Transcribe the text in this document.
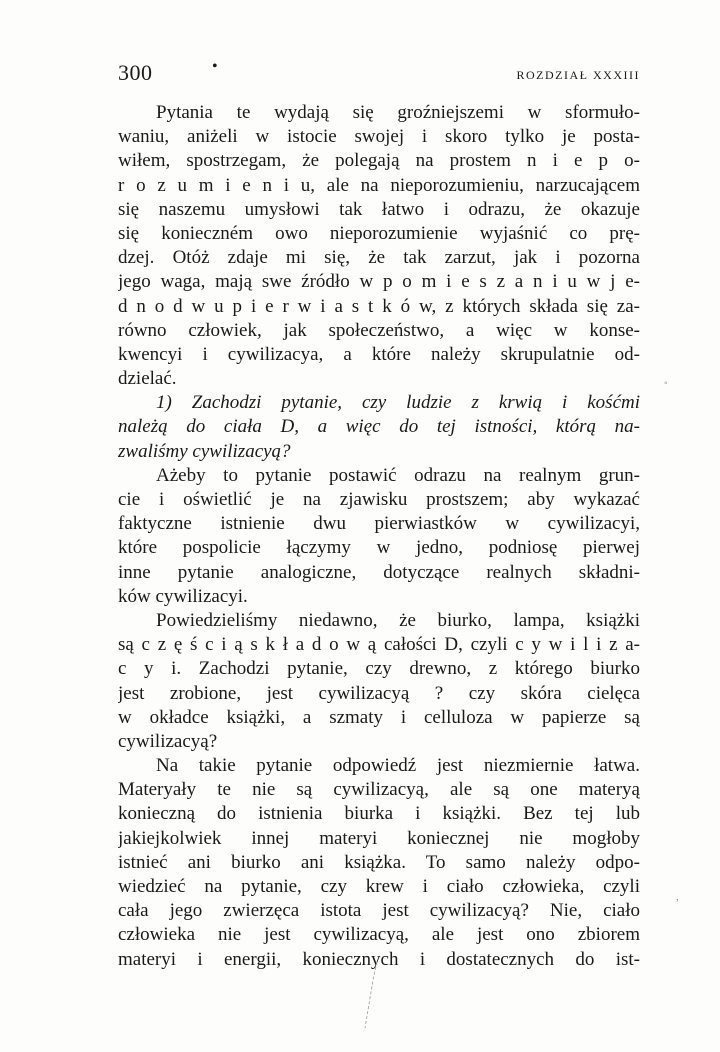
300	•	ROZDZIAŁ XXXIII
Pytania te wydają się groźniejszemi w sformuło-
waniu, aniżeli w istocie swojej i skoro tylko je posta-
wiłem, spostrzegam, że polegają na prostem n i e p o-
r o z u m i e n i u, ale na nieporozumieniu, narzucającem
się naszemu umysłowi tak łatwo i odrazu, że okazuje
się konieczném owo nieporozumienie wyjaśnić co prę-
dzej. Otóż zdaje mi się, że tak zarzut, jak i pozorna
jego waga, mają swe źródło w p o m i e s z a n i u w j e-
d n o d w u p i e r w i a s t k ó w, z których składa się za-
równo człowiek, jak społeczeństwo, a więc w konse-
kwencyi i cywilizacya, a które należy skrupulatnie od-
dzielać.
1) Zachodzi pytanie, czy ludzie z krwią i kośćmi
należą do ciała D, a więc do tej istności, którą na-
zwaliśmy cywilizacyą?
Ażeby to pytanie postawić odrazu na realnym grun-
cie i oświetlić je na zjawisku prostszem; aby wykazać
faktyczne istnienie dwu pierwiastków w cywilizacyi,
które pospolicie łączymy w jedno, podniosę pierwej
inne pytanie analogiczne, dotyczące realnych składni-
ków cywilizacyi.
Powiedzieliśmy niedawno, że biurko, lampa, książki
są c z ę ś c i ą s k ł a d o w ą całości D, czyli c y w i l i z a-
c y i. Zachodzi pytanie, czy drewno, z którego biurko
jest zrobione, jest cywilizacyą ? czy skóra cielęca
w okładce książki, a szmaty i celluloza w papierze są
cywilizacyą?
Na takie pytanie odpowiedź jest niezmiernie łatwa.
Materyały te nie są cywilizacyą, ale są one materyą
konieczną do istnienia biurka i książki. Bez tej lub
jakiejkolwiek innej materyi koniecznej nie mogłoby
istnieć ani biurko ani książka. To samo należy odpo-
wiedzieć na pytanie, czy krew i ciało człowieka, czyli
cała jego zwierzęca istota jest cywilizacyą? Nie, ciało
człowieka nie jest cywilizacyą, ale jest ono zbiorem
materyi i energii, koniecznych i dostatecznych do ist-
◦
,
